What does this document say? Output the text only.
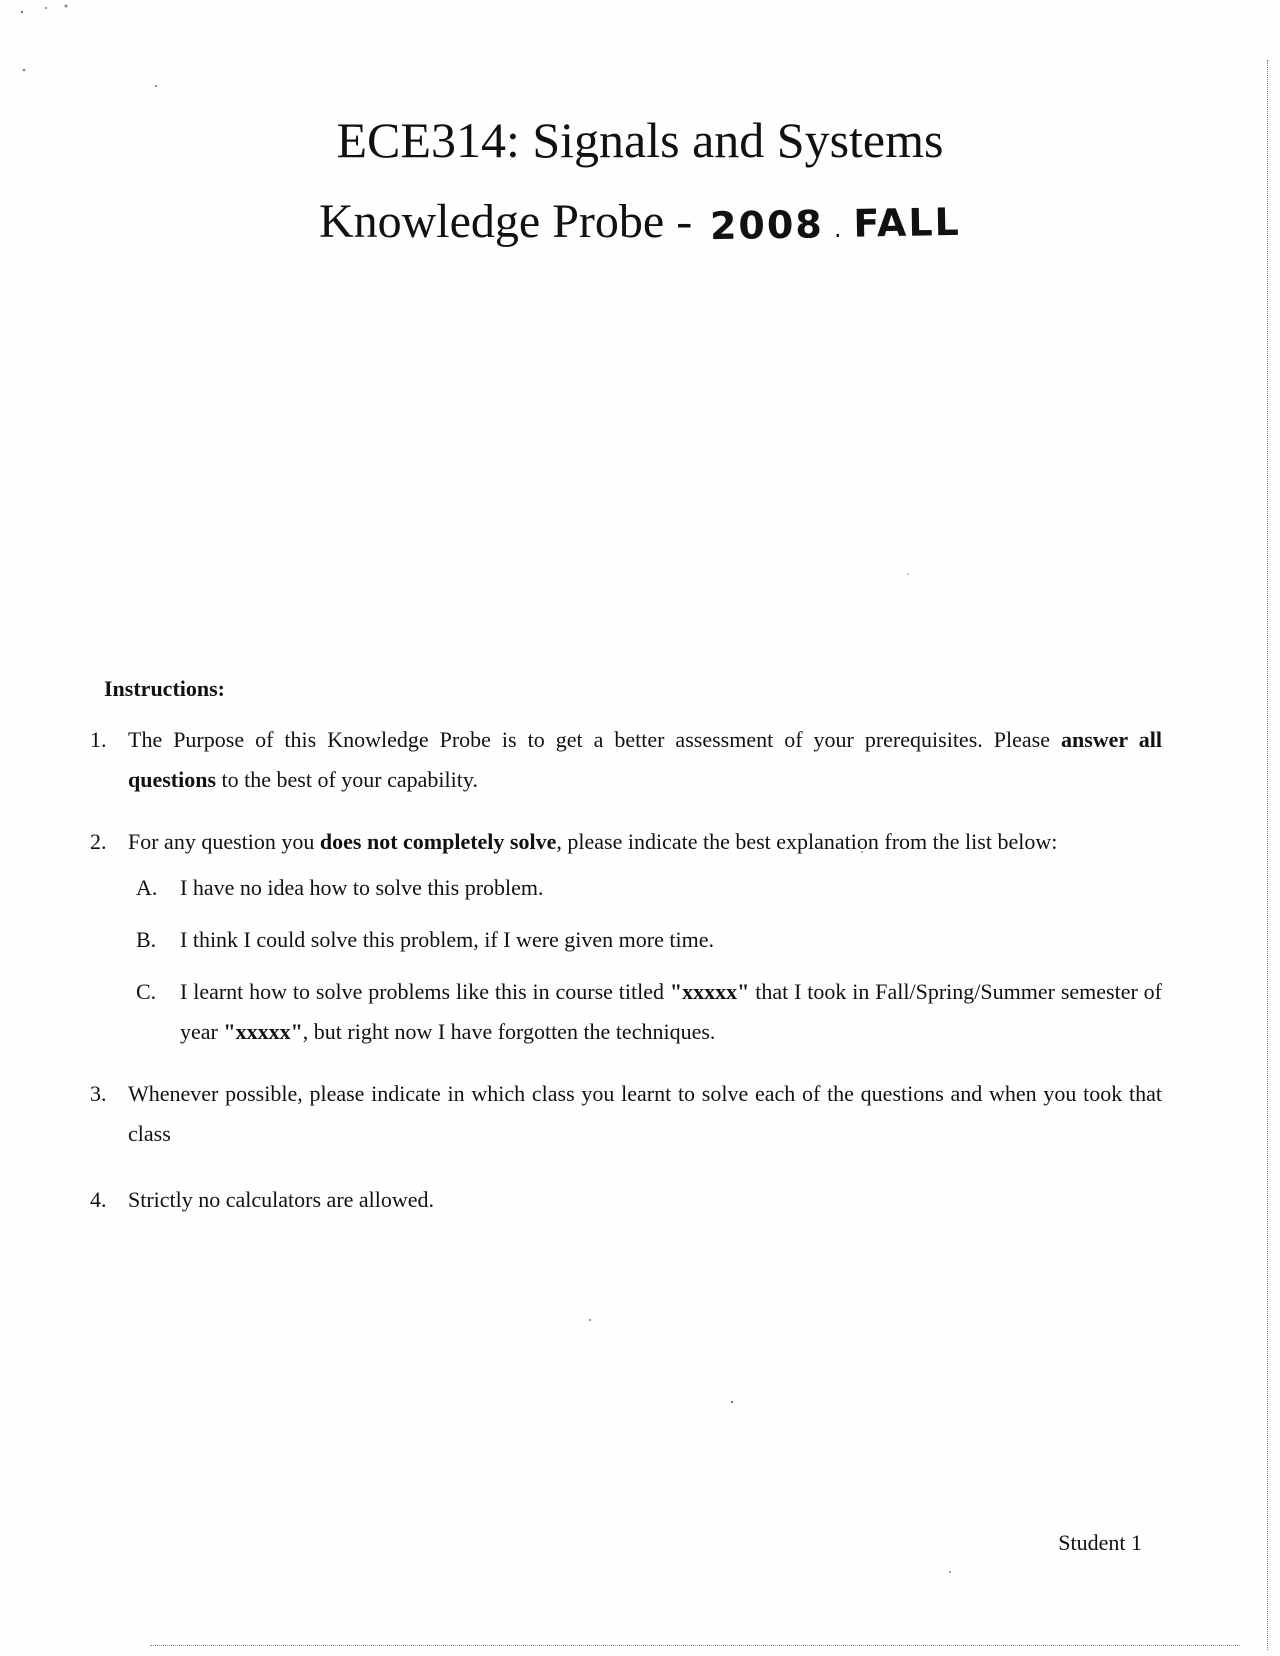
ECE314: Signals and Systems
Knowledge Probe - 2008 . FALL
Instructions:
1. The Purpose of this Knowledge Probe is to get a better assessment of your prerequisites. Please answer all questions to the best of your capability.
2. For any question you does not completely solve, please indicate the best explanation from the list below:
A.	I have no idea how to solve this problem.
B.	I think I could solve this problem, if I were given more time.
C.	I learnt how to solve problems like this in course titled "xxxxx" that I took in Fall/Spring/Summer semester of year "xxxxx", but right now I have forgotten the techniques.
3. Whenever possible, please indicate in which class you learnt to solve each of the questions and when you took that class
4. Strictly no calculators are allowed.
Student 1
